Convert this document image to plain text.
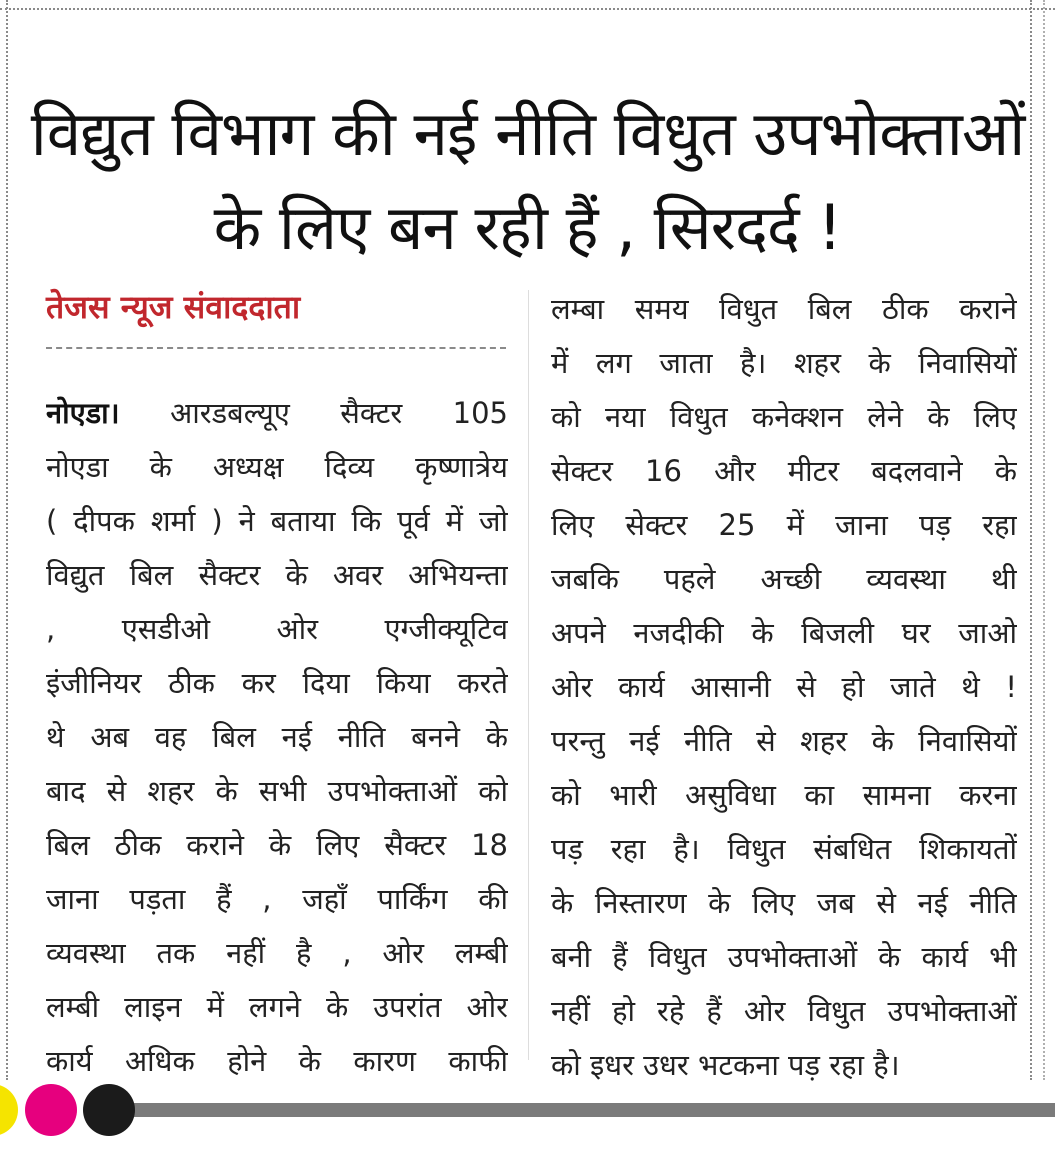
विद्युत विभाग की नई नीति विधुत उपभोक्ताओं
के लिए बन रही हैं , सिरदर्द !
तेजस न्यूज संवाददाता
नोएडा। आरडबल्यूए सैक्टर 105
नोएडा के अध्यक्ष दिव्य कृष्णात्रेय
( दीपक शर्मा ) ने बताया कि पूर्व में जो
विद्युत बिल सैक्टर के अवर अभियन्ता
, एसडीओ ओर एग्जीक्यूटिव
इंजीनियर ठीक कर दिया किया करते
थे अब वह बिल नई नीति बनने के
बाद से शहर के सभी उपभोक्ताओं को
बिल ठीक कराने के लिए सैक्टर 18
जाना पड़ता हैं , जहाँ पार्किंग की
व्यवस्था तक नहीं है , ओर लम्बी
लम्बी लाइन में लगने के उपरांत ओर
कार्य अधिक होने के कारण काफी
लम्बा समय विधुत बिल ठीक कराने
में लग जाता है। शहर के निवासियों
को नया विधुत कनेक्शन लेने के लिए
सेक्टर 16 और मीटर बदलवाने के
लिए सेक्टर 25 में जाना पड़ रहा
जबकि पहले अच्छी व्यवस्था थी
अपने नजदीकी के बिजली घर जाओ
ओर कार्य आसानी से हो जाते थे !
परन्तु नई नीति से शहर के निवासियों
को भारी असुविधा का सामना करना
पड़ रहा है। विधुत संबधित शिकायतों
के निस्तारण के लिए जब से नई नीति
बनी हैं विधुत उपभोक्ताओं के कार्य भी
नहीं हो रहे हैं ओर विधुत उपभोक्ताओं
को इधर उधर भटकना पड़ रहा है।
